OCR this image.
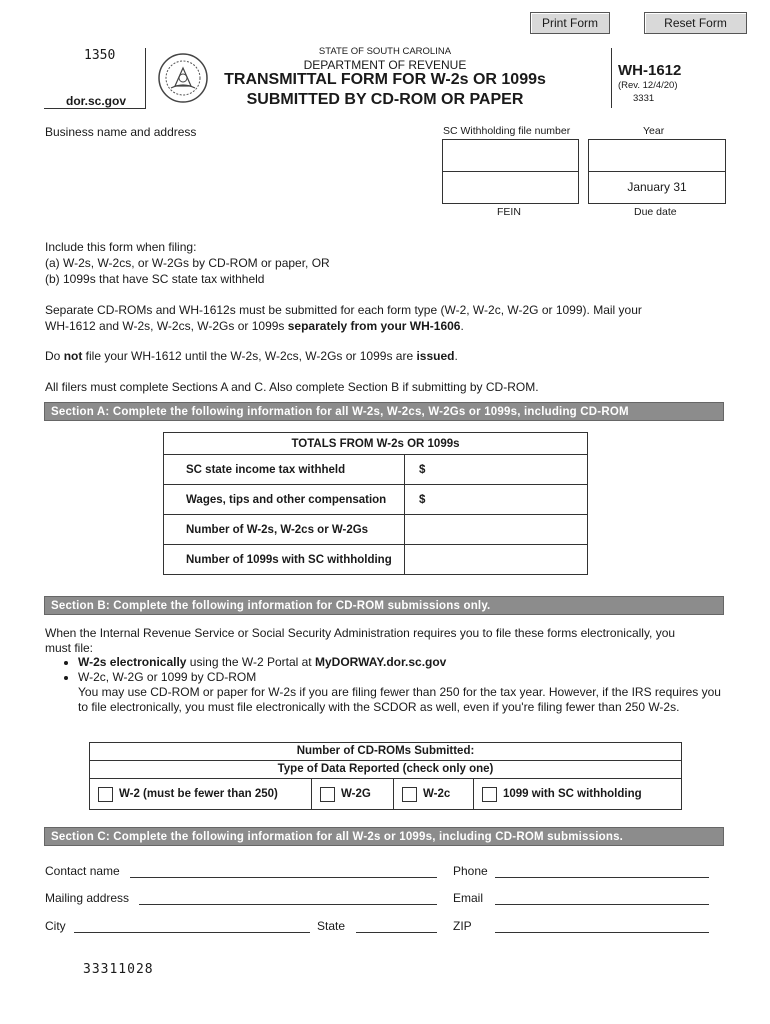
Print Form	Reset Form
1350
dor.sc.gov
STATE OF SOUTH CAROLINA
DEPARTMENT OF REVENUE
TRANSMITTAL FORM FOR W-2s OR 1099s
SUBMITTED BY CD-ROM OR PAPER
WH-1612
(Rev. 12/4/20)
3331
Business name and address	SC Withholding file number	Year
January 31
FEIN	Due date

Include this form when filing:

(a) W-2s, W-2cs, or W-2Gs by CD-ROM or paper, OR

(b) 1099s that have SC state tax withheld

Separate CD-ROMs and WH-1612s must be submitted for each form type (W-2, W-2c, W-2G or 1099). Mail your

WH-1612 and W-2s, W-2cs, W-2Gs or 1099s separately from your WH-1606.

Do not file your WH-1612 until the W-2s, W-2cs, W-2Gs or 1099s are issued.

All filers must complete Sections A and C. Also complete Section B if submitting by CD-ROM.

Section A: Complete the following information for all W-2s, W-2cs, W-2Gs or 1099s, including CD-ROM
TOTALS FROM W-2s OR 1099s	
SC state income tax withheld	$
Wages, tips and other compensation	$
Number of W-2s, W-2cs or W-2Gs	
Number of 1099s with SC withholding	
Section B: Complete the following information for CD-ROM submissions only.

When the Internal Revenue Service or Social Security Administration requires you to file these forms electronically, you

must file:

• W-2s electronically using the W-2 Portal at MyDORWAY.dor.sc.gov
• W-2c, W-2G or 1099 by CD-ROM
You may use CD-ROM or paper for W-2s if you are filing fewer than 250 for the tax year. However, if the IRS requires you to file electronically, you must file electronically with the SCDOR as well, even if you're filing fewer than 250 W-2s.
Number of CD-ROMs Submitted:
Type of Data Reported (check only one)
W-2 (must be fewer than 250)	W-2G	W-2c	1099 with SC withholding
Section C: Complete the following information for all W-2s or 1099s, including CD-ROM submissions.
Contact name	Phone
Mailing address	Email
City	State	ZIP
33311028
